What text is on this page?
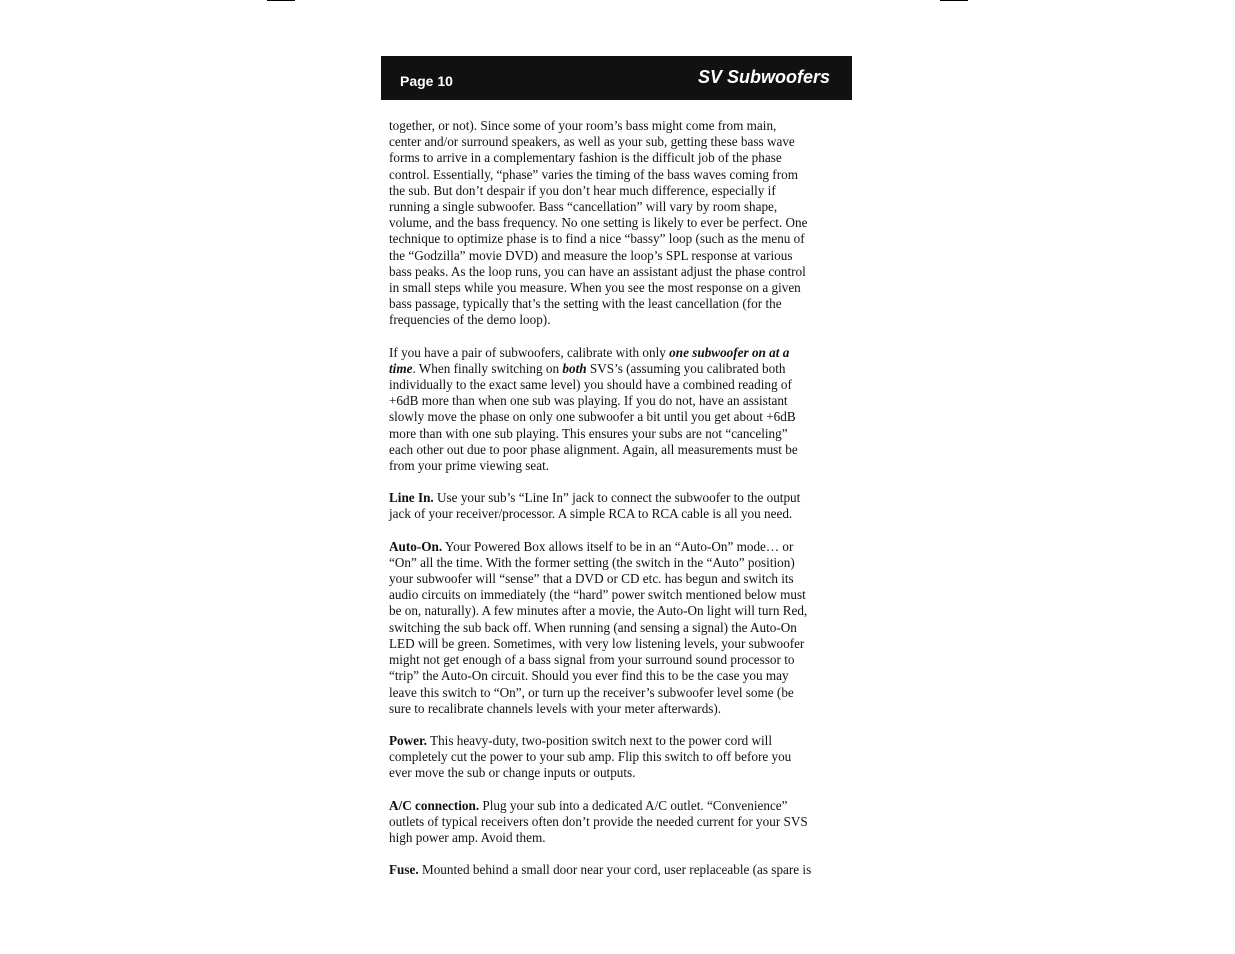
Page 10	SV Subwoofers
together, or not). Since some of your room’s bass might come from main,
center and/or surround speakers, as well as your sub, getting these bass wave
forms to arrive in a complementary fashion is the difficult job of the phase
control. Essentially, “phase” varies the timing of the bass waves coming from
the sub. But don’t despair if you don’t hear much difference, especially if
running a single subwoofer. Bass “cancellation” will vary by room shape,
volume, and the bass frequency. No one setting is likely to ever be perfect. One
technique to optimize phase is to find a nice “bassy” loop (such as the menu of
the “Godzilla” movie DVD) and measure the loop’s SPL response at various
bass peaks. As the loop runs, you can have an assistant adjust the phase control
in small steps while you measure. When you see the most response on a given
bass passage, typically that’s the setting with the least cancellation (for the
frequencies of the demo loop).
If you have a pair of subwoofers, calibrate with only one subwoofer on at a
time. When finally switching on both SVS’s (assuming you calibrated both
individually to the exact same level) you should have a combined reading of
+6dB more than when one sub was playing. If you do not, have an assistant
slowly move the phase on only one subwoofer a bit until you get about +6dB
more than with one sub playing. This ensures your subs are not “canceling”
each other out due to poor phase alignment. Again, all measurements must be
from your prime viewing seat.
Line In. Use your sub’s “Line In” jack to connect the subwoofer to the output
jack of your receiver/processor. A simple RCA to RCA cable is all you need.
Auto-On. Your Powered Box allows itself to be in an “Auto-On” mode… or
“On” all the time. With the former setting (the switch in the “Auto” position)
your subwoofer will “sense” that a DVD or CD etc. has begun and switch its
audio circuits on immediately (the “hard” power switch mentioned below must
be on, naturally). A few minutes after a movie, the Auto-On light will turn Red,
switching the sub back off. When running (and sensing a signal) the Auto-On
LED will be green. Sometimes, with very low listening levels, your subwoofer
might not get enough of a bass signal from your surround sound processor to
“trip” the Auto-On circuit. Should you ever find this to be the case you may
leave this switch to “On”, or turn up the receiver’s subwoofer level some (be
sure to recalibrate channels levels with your meter afterwards).
Power. This heavy-duty, two-position switch next to the power cord will
completely cut the power to your sub amp. Flip this switch to off before you
ever move the sub or change inputs or outputs.
A/C connection. Plug your sub into a dedicated A/C outlet. “Convenience”
outlets of typical receivers often don’t provide the needed current for your SVS
high power amp. Avoid them.
Fuse. Mounted behind a small door near your cord, user replaceable (as spare is
